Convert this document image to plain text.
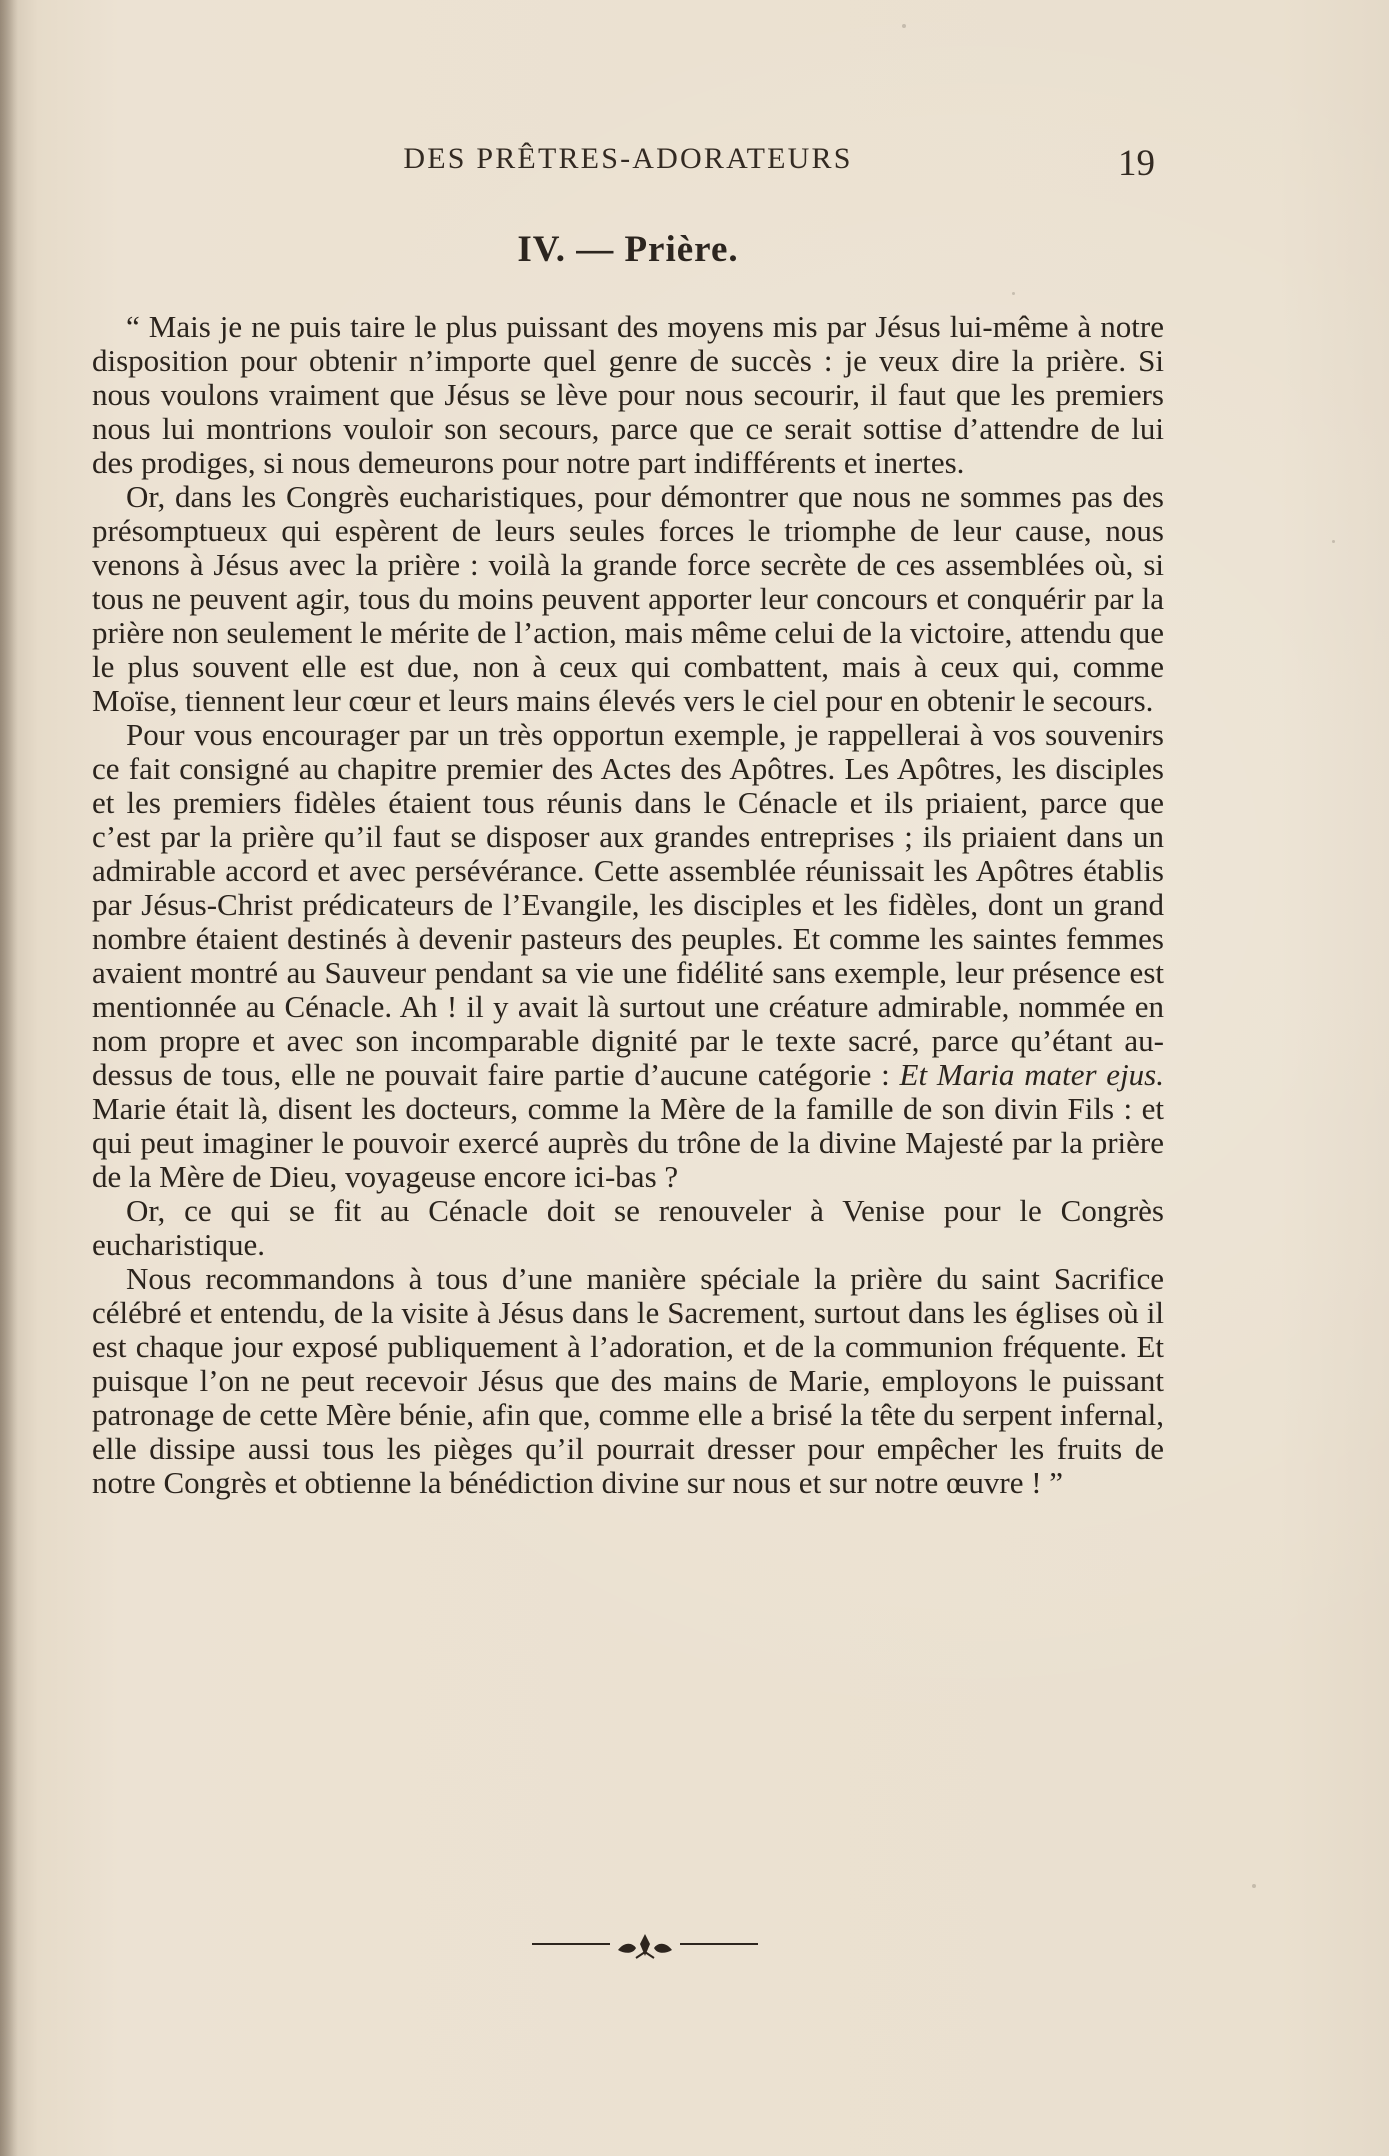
DES PRÊTRES-ADORATEURS	19
IV. — Prière.

“ Mais je ne puis taire le plus puissant des moyens mis par Jésus lui-même à notre disposition pour obtenir n’importe quel genre de succès : je veux dire la prière. Si nous voulons vraiment que Jésus se lève pour nous secourir, il faut que les premiers nous lui montrions vouloir son secours, parce que ce serait sottise d’attendre de lui des prodiges, si nous demeurons pour notre part indifférents et inertes.

Or, dans les Congrès eucharistiques, pour démontrer que nous ne sommes pas des présomptueux qui espèrent de leurs seules forces le triomphe de leur cause, nous venons à Jésus avec la prière : voilà la grande force secrète de ces assemblées où, si tous ne peuvent agir, tous du moins peuvent apporter leur concours et conquérir par la prière non seulement le mérite de l’action, mais même celui de la victoire, attendu que le plus souvent elle est due, non à ceux qui combattent, mais à ceux qui, comme Moïse, tiennent leur cœur et leurs mains élevés vers le ciel pour en obtenir le secours.

Pour vous encourager par un très opportun exemple, je rappellerai à vos souvenirs ce fait consigné au chapitre premier des Actes des Apôtres. Les Apôtres, les disciples et les premiers fidèles étaient tous réunis dans le Cénacle et ils priaient, parce que c’est par la prière qu’il faut se disposer aux grandes entreprises ; ils priaient dans un admirable accord et avec persévérance. Cette assemblée réunissait les Apôtres établis par Jésus-Christ prédicateurs de l’Evangile, les disciples et les fidèles, dont un grand nombre étaient destinés à devenir pasteurs des peuples. Et comme les saintes femmes avaient montré au Sauveur pendant sa vie une fidélité sans exemple, leur présence est mentionnée au Cénacle. Ah ! il y avait là surtout une créature admirable, nommée en nom propre et avec son incomparable dignité par le texte sacré, parce qu’étant au-dessus de tous, elle ne pouvait faire partie d’aucune catégorie : Et Maria mater ejus. Marie était là, disent les docteurs, comme la Mère de la famille de son divin Fils : et qui peut imaginer le pouvoir exercé auprès du trône de la divine Majesté par la prière de la Mère de Dieu, voyageuse encore ici-bas ?

Or, ce qui se fit au Cénacle doit se renouveler à Venise pour le Congrès eucharistique.

Nous recommandons à tous d’une manière spéciale la prière du saint Sacrifice célébré et entendu, de la visite à Jésus dans le Sacrement, surtout dans les églises où il est chaque jour exposé publiquement à l’adoration, et de la communion fréquente. Et puisque l’on ne peut recevoir Jésus que des mains de Marie, employons le puissant patronage de cette Mère bénie, afin que, comme elle a brisé la tête du serpent infernal, elle dissipe aussi tous les pièges qu’il pourrait dresser pour empêcher les fruits de notre Congrès et obtienne la bénédiction divine sur nous et sur notre œuvre ! ”
